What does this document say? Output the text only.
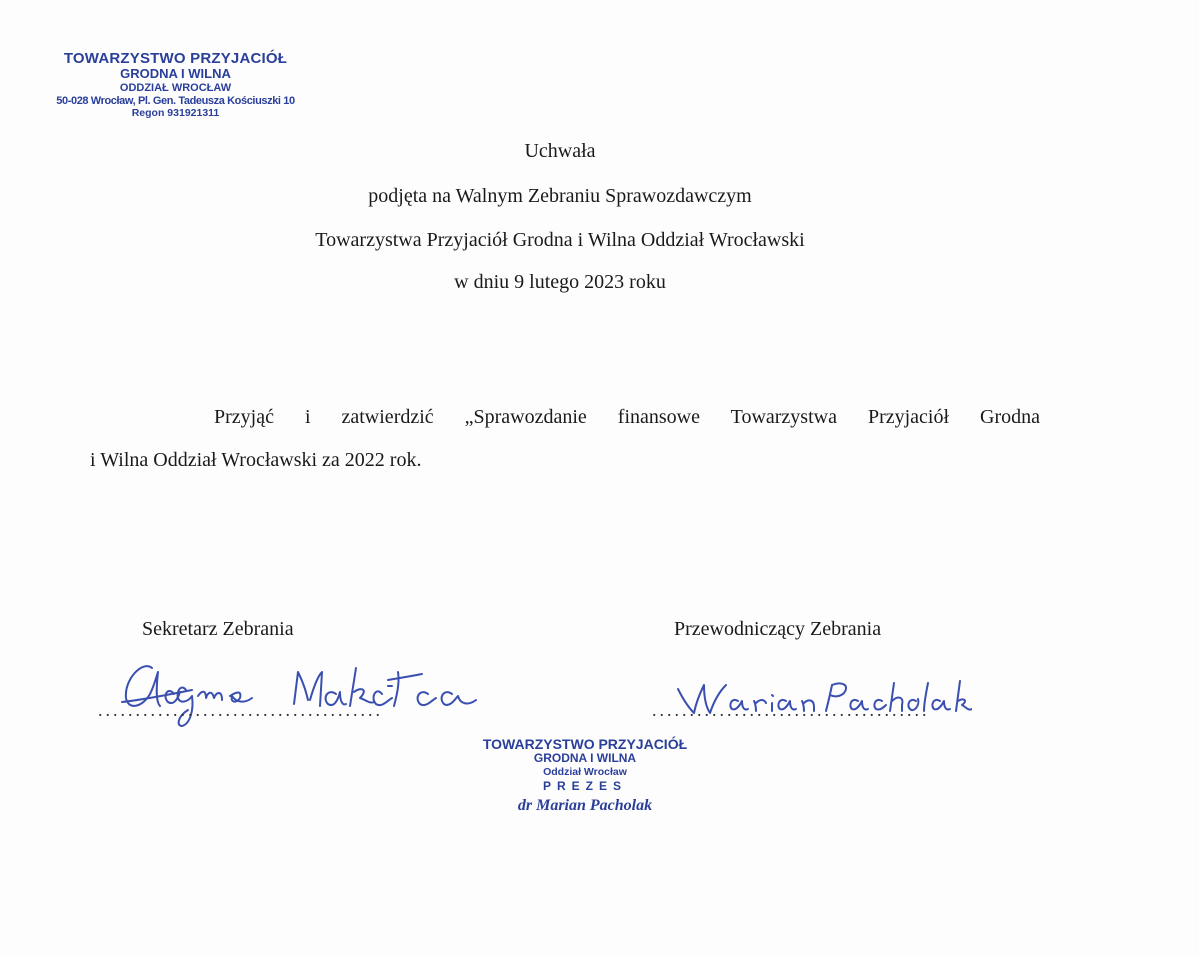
TOWARZYSTWO PRZYJACIÓŁ
GRODNA I WILNA
ODDZIAŁ WROCŁAW
50-028 Wrocław, Pl. Gen. Tadeusza Kościuszki 10
Regon 931921311
Uchwała
podjęta na Walnym Zebraniu Sprawozdawczym
Towarzystwa Przyjaciół Grodna i Wilna Oddział Wrocławski
w dniu 9 lutego 2023 roku
Przyjąć i zatwierdzić „Sprawozdanie finansowe Towarzystwa Przyjaciół Grodna
i Wilna Oddział Wrocławski za 2022 rok.
Sekretarz Zebrania	Przewodniczący Zebrania
......................................	.....................................
TOWARZYSTWO PRZYJACIÓŁ
GRODNA I WILNA
Oddział Wrocław
PREZES
dr Marian Pacholak
